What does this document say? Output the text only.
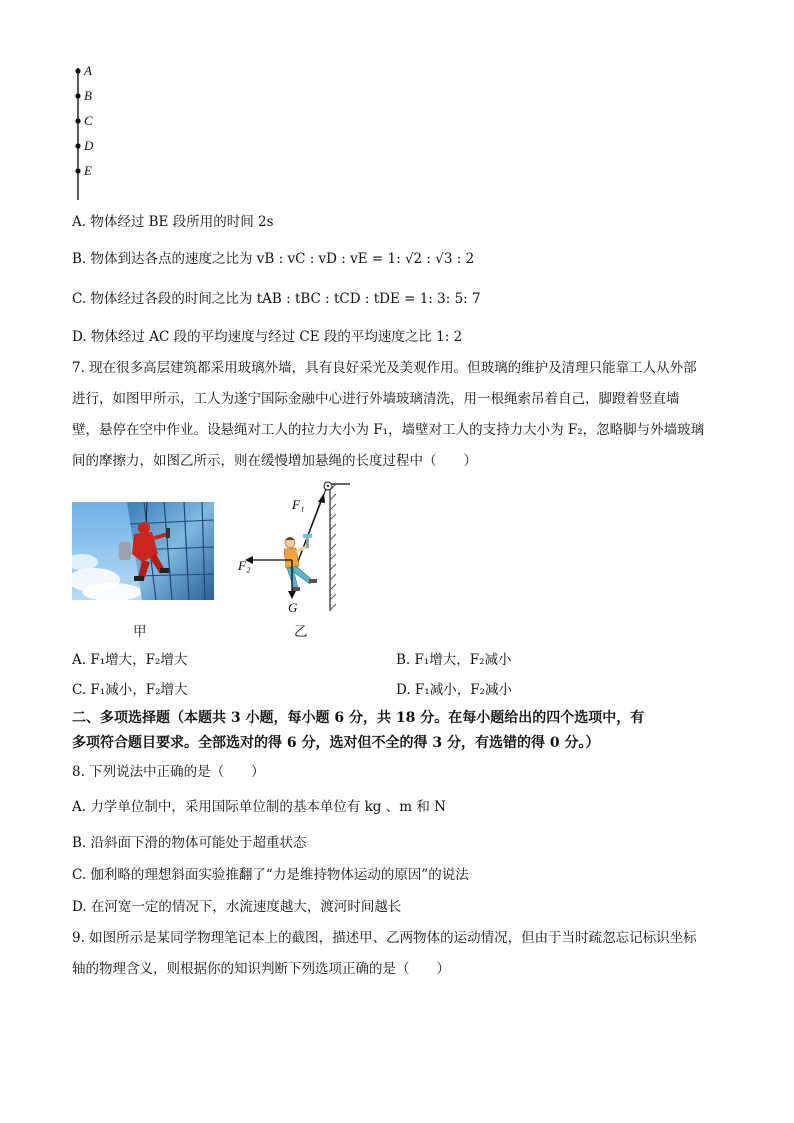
A
B
C
D
E
A. 物体经过 BE 段所用的时间 2s
B. 物体到达各点的速度之比为 vB : vC : vD : vE = 1: √2 : √3 : 2
C. 物体经过各段的时间之比为 tAB : tBC : tCD : tDE = 1: 3: 5: 7
D. 物体经过 AC 段的平均速度与经过 CE 段的平均速度之比 1: 2
7. 现在很多高层建筑都采用玻璃外墙，具有良好采光及美观作用。但玻璃的维护及清理只能靠工人从外部
进行，如图甲所示，工人为遂宁国际金融中心进行外墙玻璃清洗，用一根绳索吊着自己，脚蹬着竖直墙
壁，悬停在空中作业。设悬绳对工人的拉力大小为 F₁，墙壁对工人的支持力大小为 F₂，忽略脚与外墙玻璃
间的摩擦力，如图乙所示，则在缓慢增加悬绳的长度过程中（　　）
甲
F₁
F₂
G
乙
A. F₁增大，F₂增大	B. F₁增大，F₂减小
C. F₁减小，F₂增大	D. F₁减小，F₂减小
二、多项选择题（本题共 3 小题，每小题 6 分，共 18 分。在每小题给出的四个选项中，有
多项符合题目要求。全部选对的得 6 分，选对但不全的得 3 分，有选错的得 0 分。）
8. 下列说法中正确的是（　　）
A. 力学单位制中，采用国际单位制的基本单位有 kg 、m 和 N
B. 沿斜面下滑的物体可能处于超重状态
C. 伽利略的理想斜面实验推翻了“力是维持物体运动的原因”的说法
D. 在河宽一定的情况下，水流速度越大，渡河时间越长
9. 如图所示是某同学物理笔记本上的截图，描述甲、乙两物体的运动情况，但由于当时疏忽忘记标识坐标
轴的物理含义，则根据你的知识判断下列选项正确的是（　　）
